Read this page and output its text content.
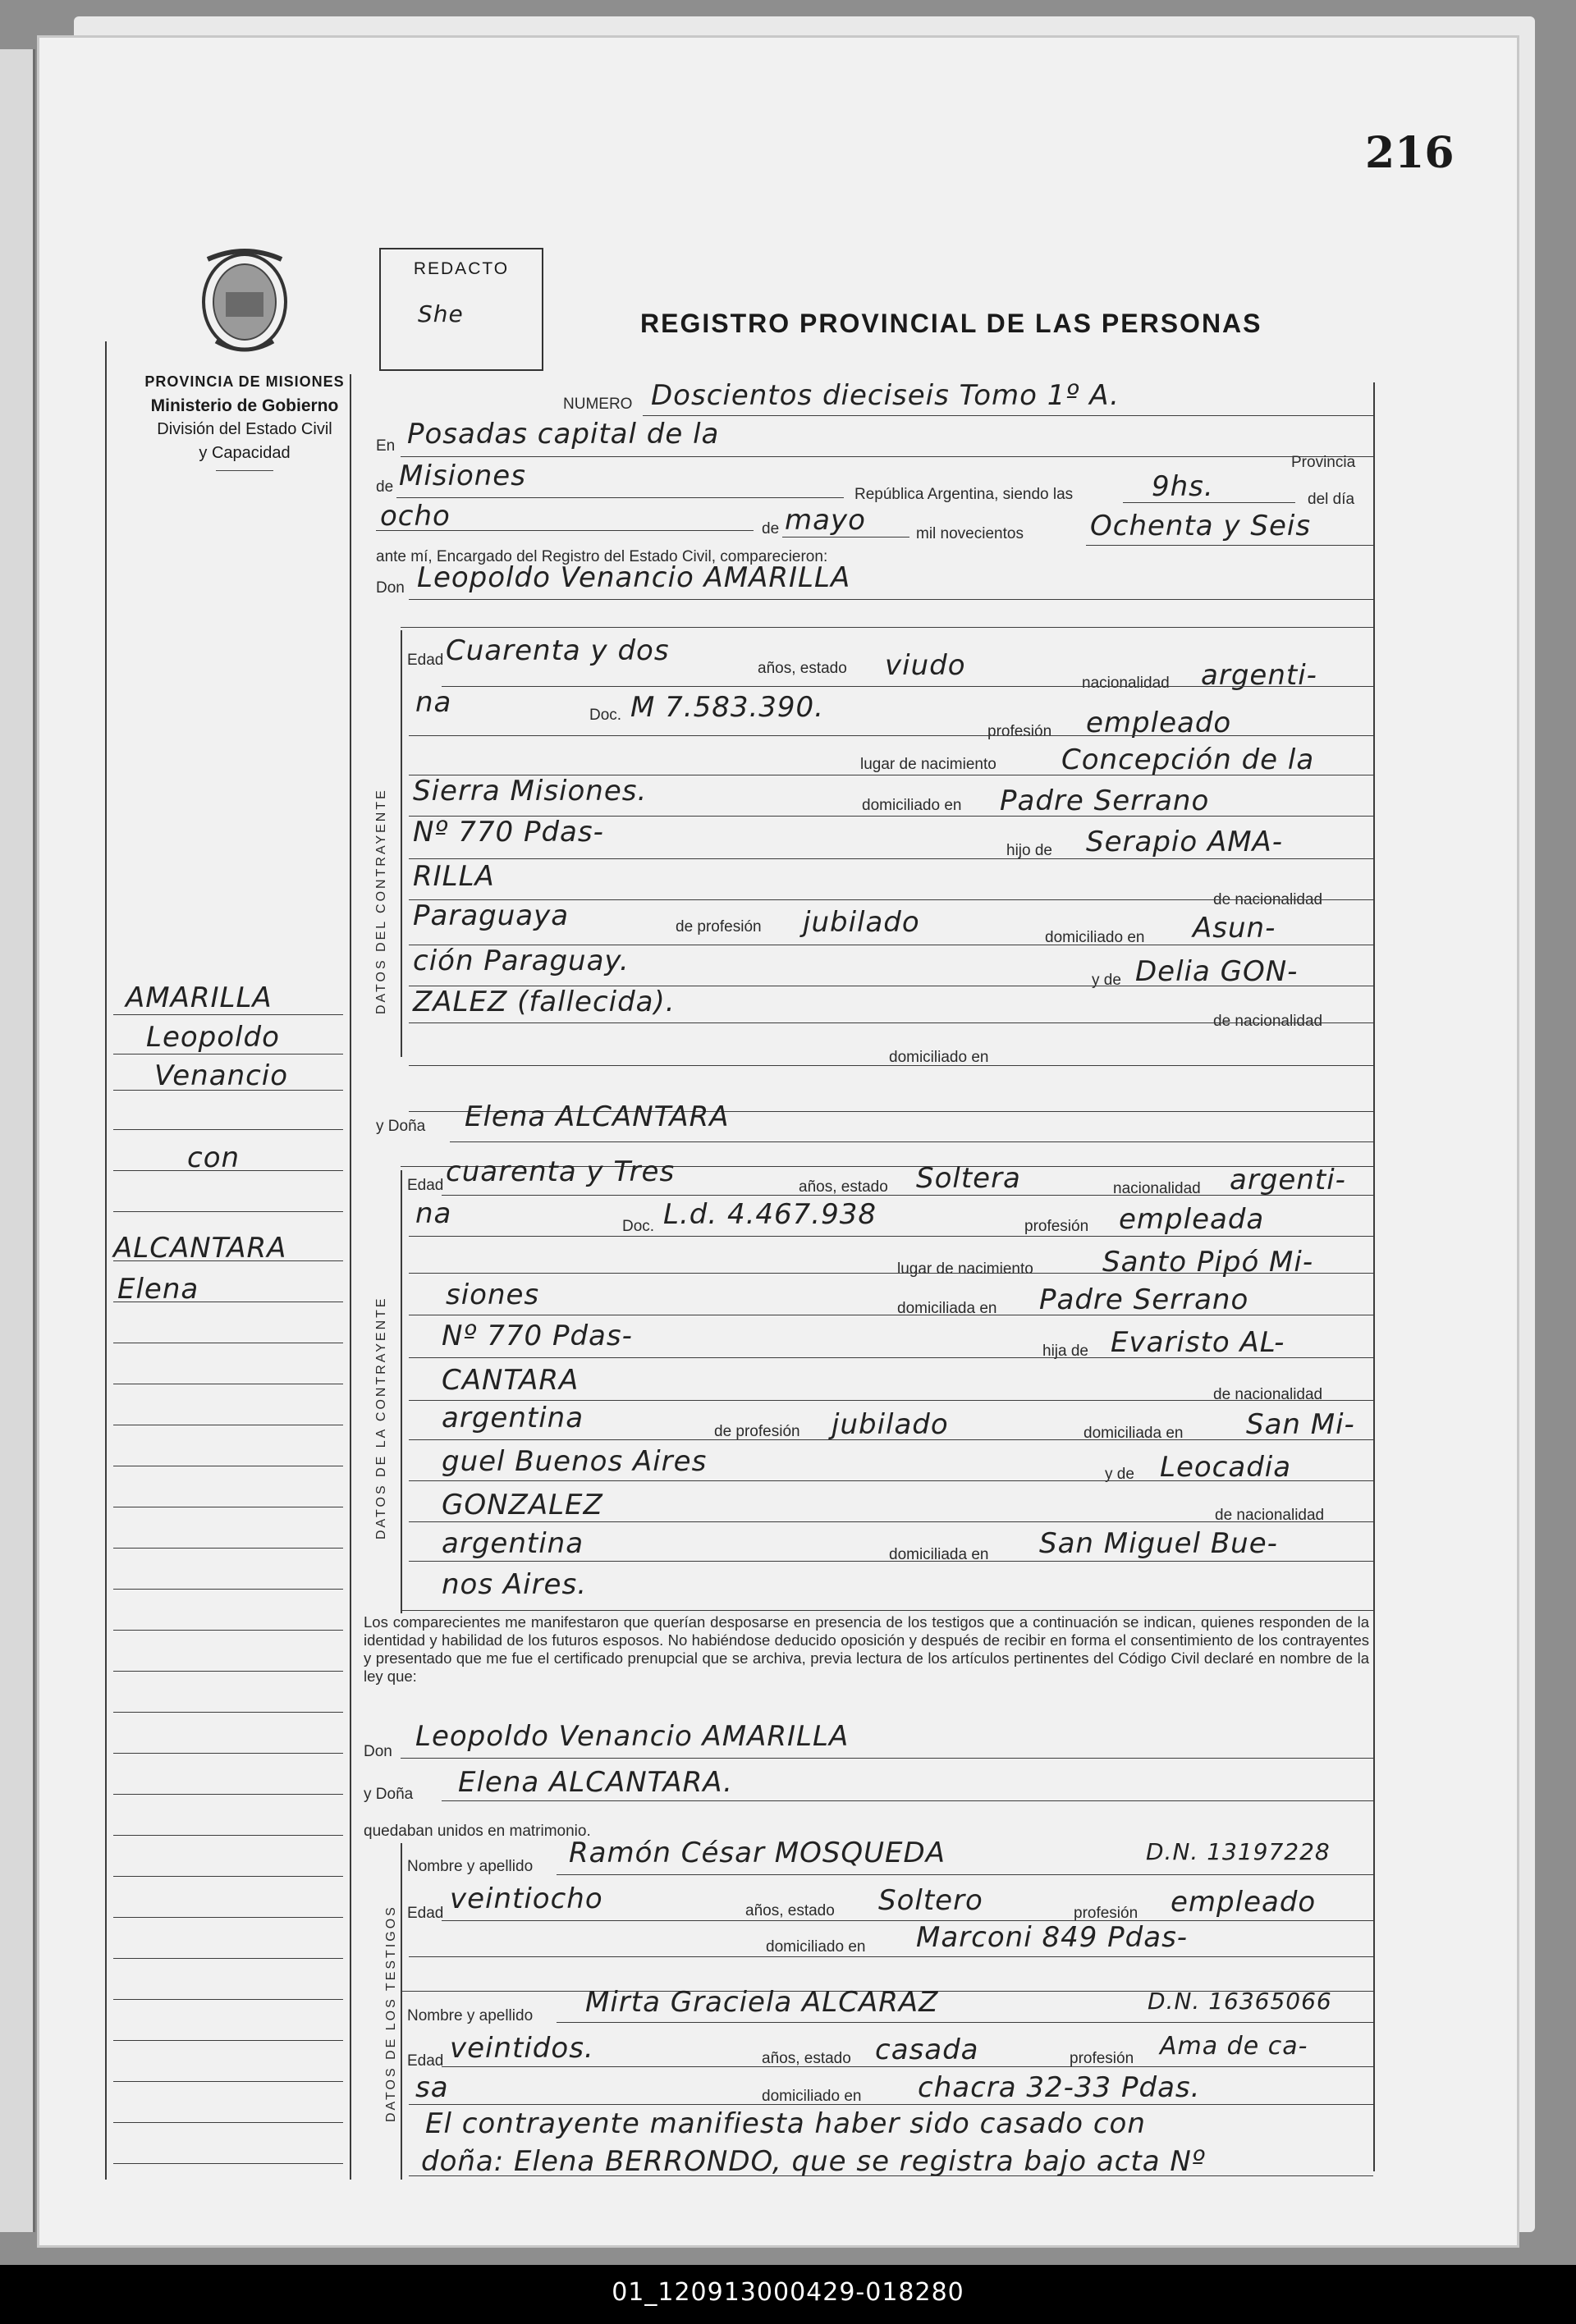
216
PROVINCIA DE MISIONES
Ministerio de Gobierno
División del Estado Civil
y Capacidad
REDACTO
She	REGISTRO PROVINCIAL DE LAS PERSONAS
AMARILLA
Leopoldo
Venancio
con
ALCANTARA
Elena
NUMERO Doscientos dieciseis Tomo 1º A.
En Posadas capital de la
Provincia
de Misiones
República Argentina, siendo las	9hs.	del día
ocho	de mayo	mil novecientos Ochenta y Seis
ante mí, Encargado del Registro del Estado Civil, comparecieron:
Don Leopoldo Venancio AMARILLA
DATOS DEL CONTRAYENTE
Edad Cuarenta y dos
años, estado viudo
nacionalidad argenti-
na	Doc. M 7.583.390.
profesión empleado
lugar de nacimiento Concepción de la
Sierra Misiones.	domiciliado en Padre Serrano
Nº 770 Pdas-
hijo de Serapio AMA-
RILLA
de nacionalidad
Paraguaya	de profesión jubilado	domiciliado en Asun-
ción Paraguay.
y de Delia GON-
ZALEZ (fallecida).
de nacionalidad
domiciliado en
y Doña Elena ALCANTARA
DATOS DE LA CONTRAYENTE
Edad cuarenta y Tres	años, estado Soltera	nacionalidad argenti-
na	Doc. L.d. 4.467.938	profesión empleada
lugar de nacimiento Santo Pipó Mi-
siones	domiciliada en Padre Serrano
Nº 770 Pdas-	hija de Evaristo AL-
CANTARA	de nacionalidad
argentina	de profesión jubilado	domiciliada en San Mi-
guel Buenos Aires	y de Leocadia
GONZALEZ	de nacionalidad
argentina	domiciliada en San Miguel Bue-
nos Aires.
Los comparecientes me manifestaron que querían desposarse en presencia de los testigos que a continuación se indican, quienes responden de la identidad y habilidad de los futuros esposos. No habiéndose deducido oposición y después de recibir en forma el consentimiento de los contrayentes y presentado que me fue el certificado prenupcial que se archiva, previa lectura de los artículos pertinentes del Código Civil declaré en nombre de la ley que:
Don Leopoldo Venancio AMARILLA
y Doña Elena ALCANTARA.
quedaban unidos en matrimonio.
DATOS DE LOS TESTIGOS
Nombre y apellido Ramón César MOSQUEDA	D.N. 13197228
Edad veintiocho	años, estado Soltero	profesión empleado
domiciliado en Marconi 849 Pdas-
Nombre y apellido Mirta Graciela ALCARAZ	D.N. 16365066
Edad veintidos.	años, estado casada	profesión Ama de ca-
sa	domiciliado en chacra 32-33 Pdas.
El contrayente manifiesta haber sido casado con
doña: Elena BERRONDO, que se registra bajo acta Nº
01_120913000429-018280
